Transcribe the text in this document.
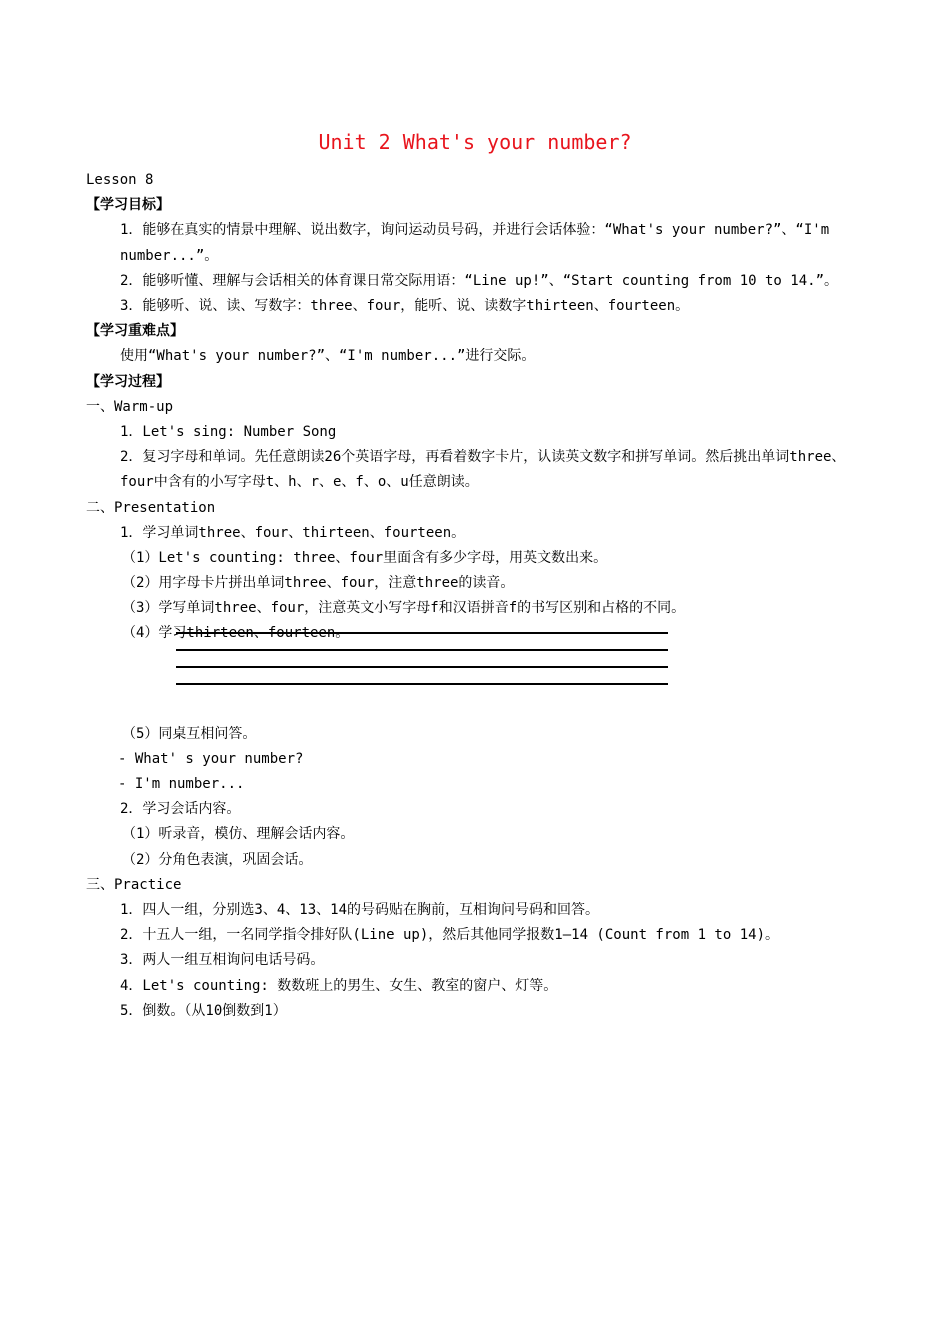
Unit 2 What's your number?
Lesson 8
【学习目标】
1．能够在真实的情景中理解、说出数字，询问运动员号码，并进行会话体验：“What's your number?”、“I'm number...”。
2．能够听懂、理解与会话相关的体育课日常交际用语：“Line up!”、“Start counting from 10 to 14.”。
3．能够听、说、读、写数字：three、four，能听、说、读数字thirteen、fourteen。
【学习重难点】
使用“What's your number?”、“I'm number...”进行交际。
【学习过程】
一、Warm-up
1．Let's sing: Number Song
2．复习字母和单词。先任意朗读26个英语字母，再看着数字卡片，认读英文数字和拼写单词。然后挑出单词three、four中含有的小写字母t、h、r、e、f、o、u任意朗读。
二、Presentation
1．学习单词three、four、thirteen、fourteen。
（1）Let's counting: three、four里面含有多少字母，用英文数出来。
（2）用字母卡片拼出单词three、four，注意three的读音。
（3）学写单词three、four，注意英文小写字母f和汉语拼音f的书写区别和占格的不同。
（4）学习thirteen、fourteen。
（5）同桌互相问答。
- What' s your number?
- I'm number...
2．学习会话内容。
（1）听录音，模仿、理解会话内容。
（2）分角色表演，巩固会话。
三、Practice
1．四人一组，分别选3、4、13、14的号码贴在胸前，互相询问号码和回答。
2．十五人一组，一名同学指令排好队(Line up)，然后其他同学报数1—14 (Count from 1 to 14)。
3．两人一组互相询问电话号码。
4．Let's counting: 数数班上的男生、女生、教室的窗户、灯等。
5．倒数。（从10倒数到1）
